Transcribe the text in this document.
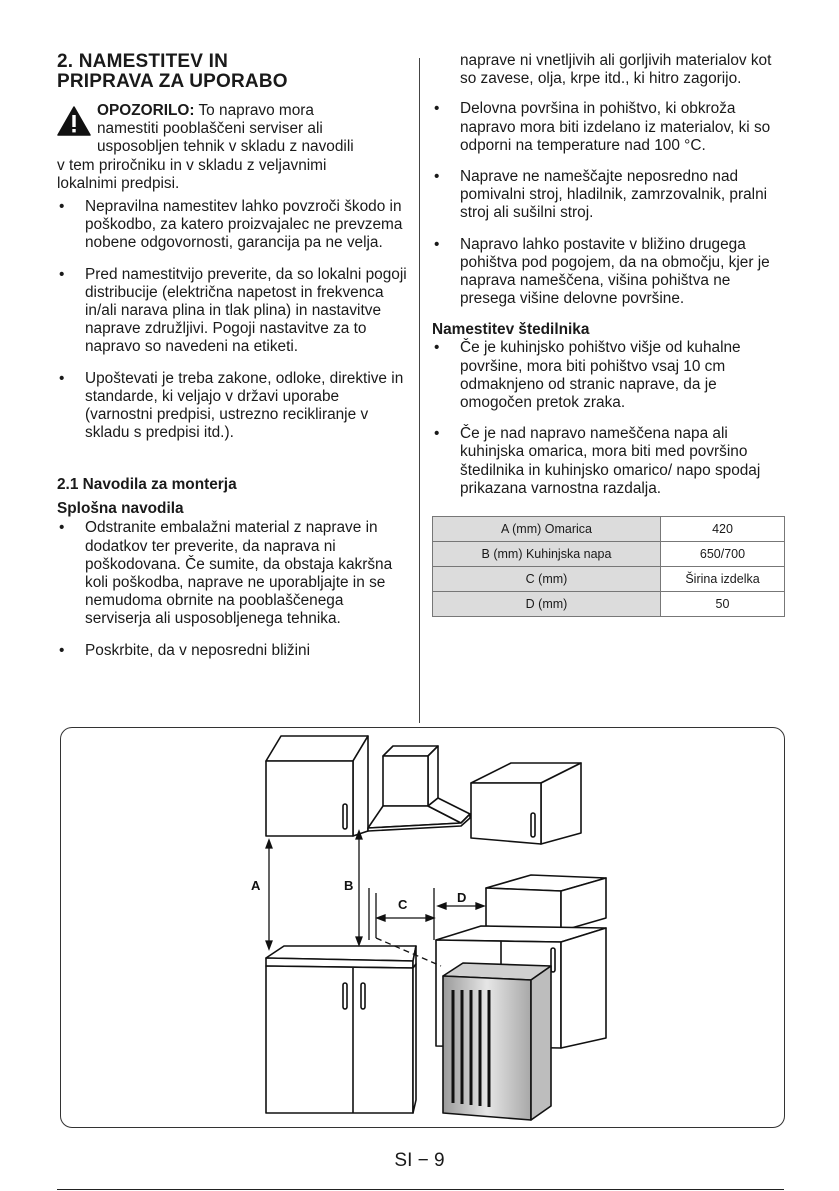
2. NAMESTITEV IN
PRIPRAVA ZA UPORABO

OPOZORILO: To napravo mora

namestiti pooblaščeni serviser ali

usposobljen tehnik v skladu z navodili

v tem priročniku in v skladu z veljavnimi

lokalnimi predpisi.

• Nepravilna namestitev lahko povzroči škodo in poškodbo, za katero proizvajalec ne prevzema nobene odgovornosti, garancija pa ne velja.
• Pred namestitvijo preverite, da so lokalni pogoji distribucije (električna napetost in frekvenca in/ali narava plina in tlak plina) in nastavitve naprave združljivi. Pogoji nastavitve za to napravo so navedeni na etiketi.
• Upoštevati je treba zakone, odloke, direktive in standarde, ki veljajo v državi uporabe (varnostni predpisi, ustrezno recikliranje v skladu s predpisi itd.).
2.1 Navodila za monterja
Splošna navodila
• Odstranite embalažni material z naprave in dodatkov ter preverite, da naprava ni poškodovana. Če sumite, da obstaja kakršna koli poškodba, naprave ne uporabljajte in se nemudoma obrnite na pooblaščenega serviserja ali usposobljenega tehnika.
• Poskrbite, da v neposredni bližini

naprave ni vnetljivih ali gorljivih materialov kot so zavese, olja, krpe itd., ki hitro zagorijo.

• Delovna površina in pohištvo, ki obkroža napravo mora biti izdelano iz materialov, ki so odporni na temperature nad 100 °C.
• Naprave ne nameščajte neposredno nad pomivalni stroj, hladilnik, zamrzovalnik, pralni stroj ali sušilni stroj.
• Napravo lahko postavite v bližino drugega pohištva pod pogojem, da na območju, kjer je naprava nameščena, višina pohištva ne presega višine delovne površine.
Namestitev štedilnika
• Če je kuhinjsko pohištvo višje od kuhalne površine, mora biti pohištvo vsaj 10 cm odmaknjeno od stranic naprave, da je omogočen pretok zraka.
• Če je nad napravo nameščena napa ali kuhinjska omarica, mora biti med površino štedilnika in kuhinjsko omarico/ napo spodaj prikazana varnostna razdalja.
A (mm) Omarica	420
B (mm) Kuhinjska napa	650/700
C (mm)	Širina izdelka
D (mm)	50
A	B
C	D
SI − 9
